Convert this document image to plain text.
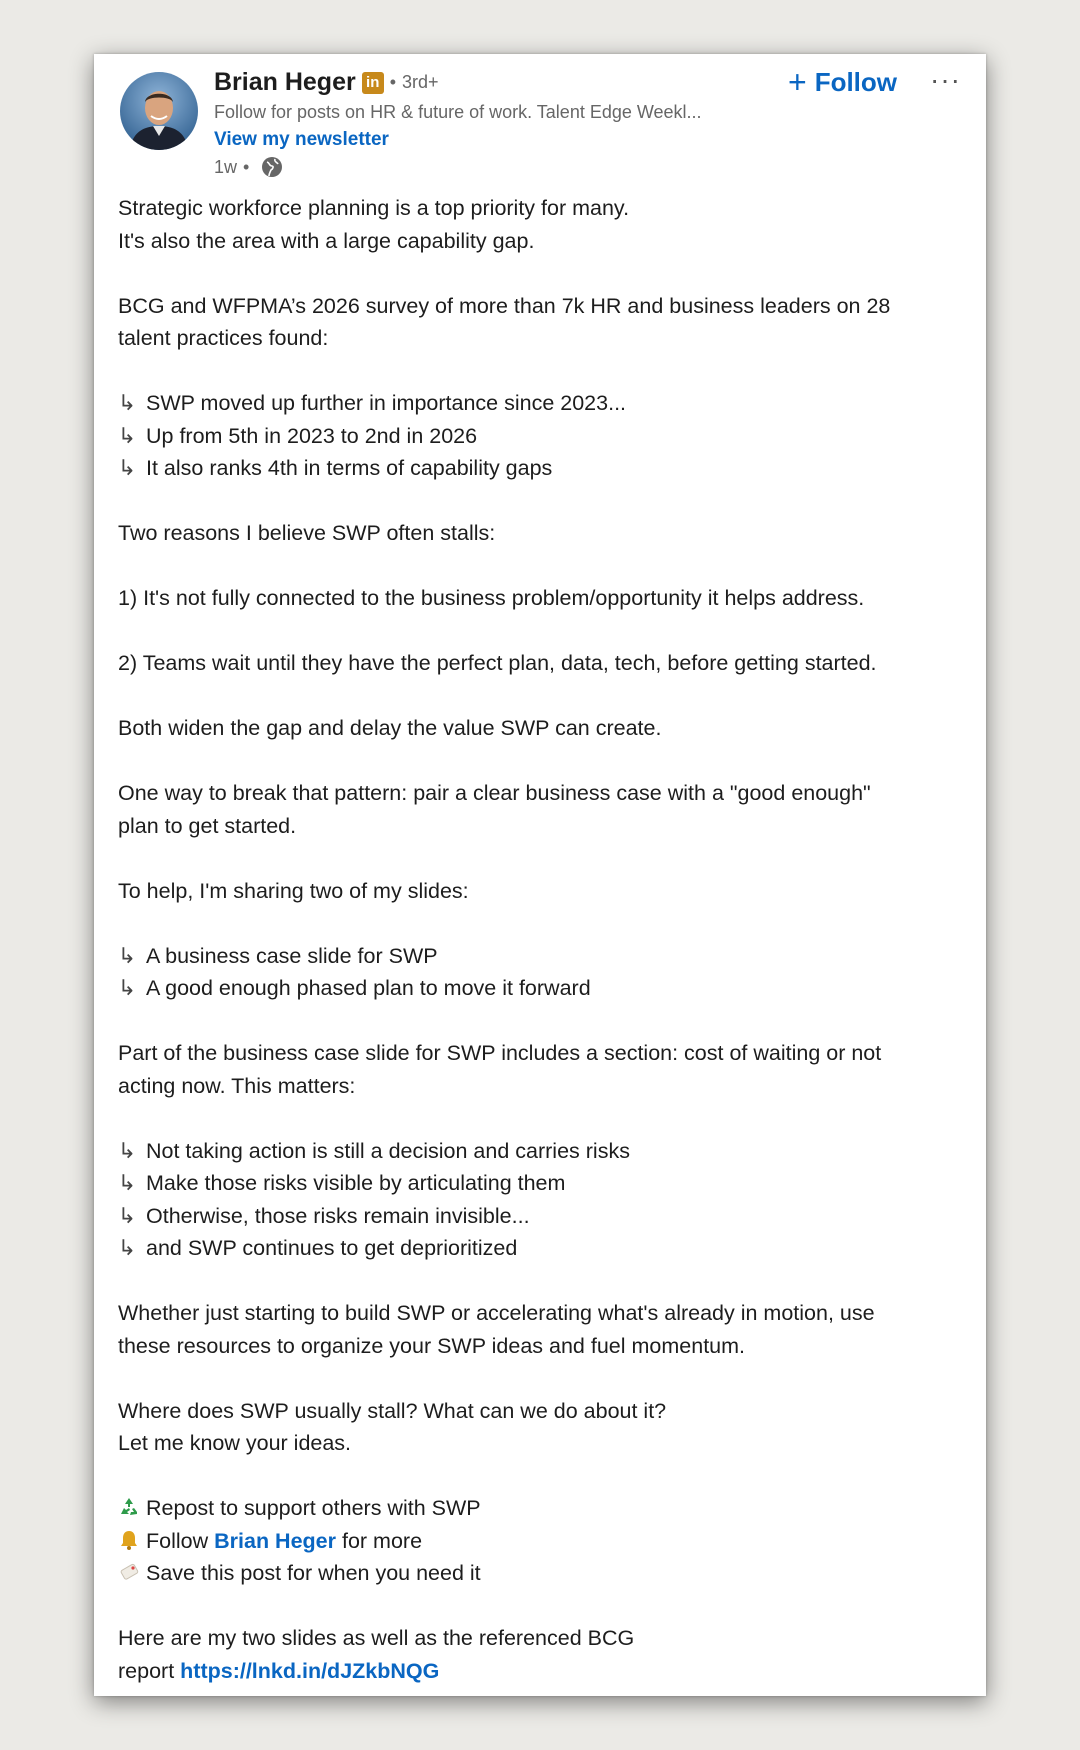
Brian Heger in • 3rd+
Follow for posts on HR & future of work. Talent Edge Weekl...
View my newsletter
1w •
+ Follow ···

Strategic workforce planning is a top priority for many.
It's also the area with a large capability gap.

BCG and WFPMA’s 2026 survey of more than 7k HR and business leaders on 28
talent practices found:

↳ SWP moved up further in importance since 2023...
↳ Up from 5th in 2023 to 2nd in 2026
↳ It also ranks 4th in terms of capability gaps

Two reasons I believe SWP often stalls:

1) It's not fully connected to the business problem/opportunity it helps address.

2) Teams wait until they have the perfect plan, data, tech, before getting started.

Both widen the gap and delay the value SWP can create.

One way to break that pattern: pair a clear business case with a "good enough"
plan to get started.

To help, I'm sharing two of my slides:

↳ A business case slide for SWP
↳ A good enough phased plan to move it forward

Part of the business case slide for SWP includes a section: cost of waiting or not
acting now. This matters:

↳ Not taking action is still a decision and carries risks
↳ Make those risks visible by articulating them
↳ Otherwise, those risks remain invisible...
↳ and SWP continues to get deprioritized

Whether just starting to build SWP or accelerating what's already in motion, use
these resources to organize your SWP ideas and fuel momentum.

Where does SWP usually stall? What can we do about it?
Let me know your ideas.

Repost to support others with SWP
Follow Brian Heger for more
Save this post for when you need it

Here are my two slides as well as the referenced BCG
report https://lnkd.in/dJZkbNQG
